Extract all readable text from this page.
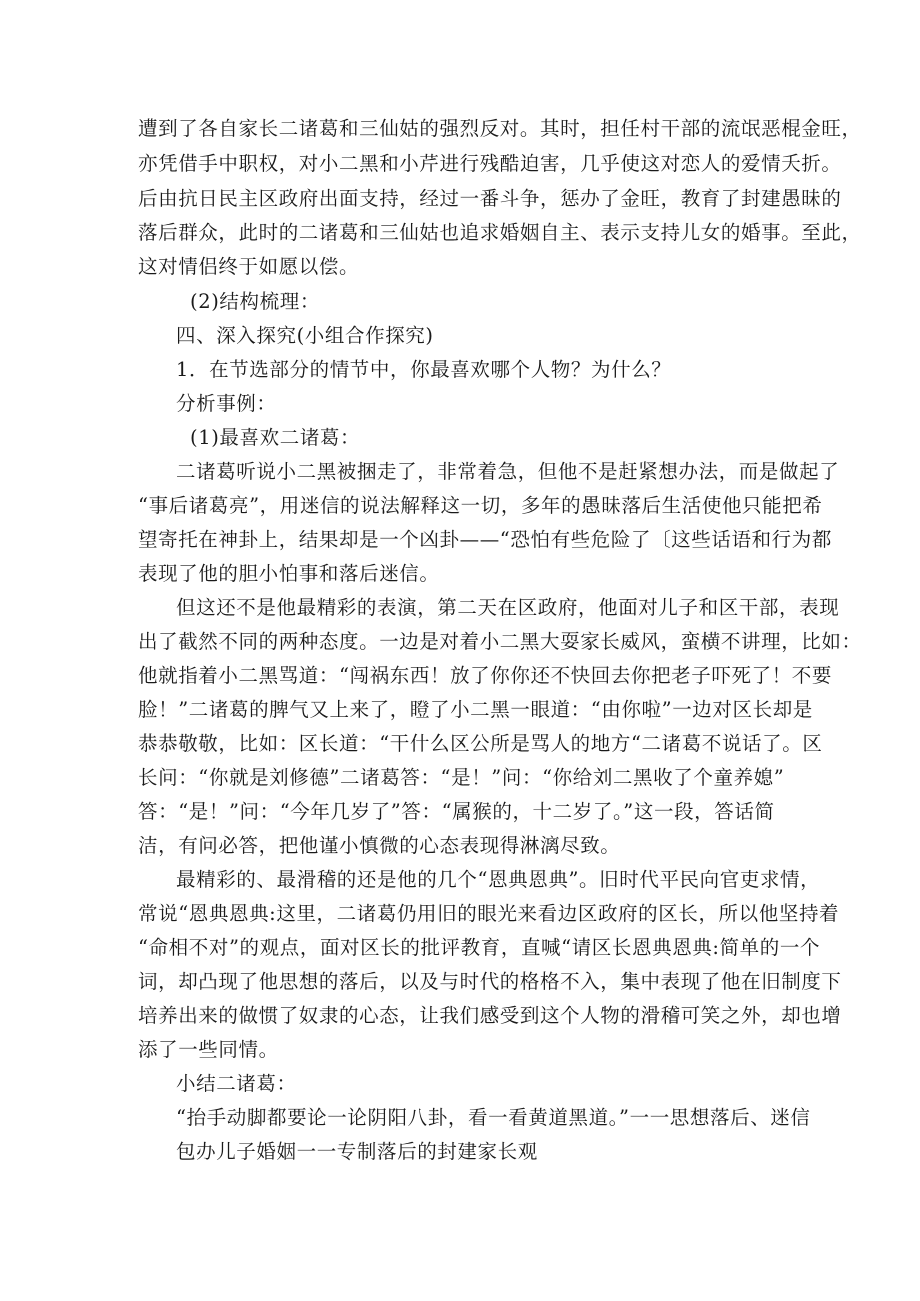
遭到了各自家长二诸葛和三仙姑的强烈反对。其时，担任村干部的流氓恶棍金旺，
亦凭借手中职权，对小二黑和小芹进行残酷迫害，几乎使这对恋人的爱情夭折。
后由抗日民主区政府出面支持，经过一番斗争，惩办了金旺，教育了封建愚昧的
落后群众，此时的二诸葛和三仙姑也追求婚姻自主、表示支持儿女的婚事。至此，
这对情侣终于如愿以偿。
(2)结构梳理：
四、深入探究(小组合作探究)
1．在节选部分的情节中，你最喜欢哪个人物？为什么？
分析事例：
(1)最喜欢二诸葛：
二诸葛听说小二黑被捆走了，非常着急，但他不是赶紧想办法，而是做起了
“事后诸葛亮”，用迷信的说法解释这一切，多年的愚昧落后生活使他只能把希
望寄托在神卦上，结果却是一个凶卦——“恐怕有些危险了〔这些话语和行为都
表现了他的胆小怕事和落后迷信。
但这还不是他最精彩的表演，第二天在区政府，他面对儿子和区干部，表现
出了截然不同的两种态度。一边是对着小二黑大耍家长威风，蛮横不讲理，比如：
他就指着小二黑骂道：“闯祸东西！放了你你还不快回去你把老子吓死了！不要
脸！”二诸葛的脾气又上来了，瞪了小二黑一眼道：“由你啦”一边对区长却是
恭恭敬敬，比如：区长道：“干什么区公所是骂人的地方“二诸葛不说话了。区
长问：“你就是刘修德”二诸葛答：“是！”问：“你给刘二黑收了个童养媳”
答：“是！”问：“今年几岁了”答：“属猴的，十二岁了。”这一段，答话简
洁，有问必答，把他谨小慎微的心态表现得淋漓尽致。
最精彩的、最滑稽的还是他的几个“恩典恩典”。旧时代平民向官吏求情，
常说“恩典恩典:这里，二诸葛仍用旧的眼光来看边区政府的区长，所以他坚持着
“命相不对”的观点，面对区长的批评教育，直喊“请区长恩典恩典:简单的一个
词，却凸现了他思想的落后，以及与时代的格格不入，集中表现了他在旧制度下
培养出来的做惯了奴隶的心态，让我们感受到这个人物的滑稽可笑之外，却也增
添了一些同情。
小结二诸葛：
“抬手动脚都要论一论阴阳八卦，看一看黄道黑道。”一一思想落后、迷信
包办儿子婚姻一一专制落后的封建家长观
